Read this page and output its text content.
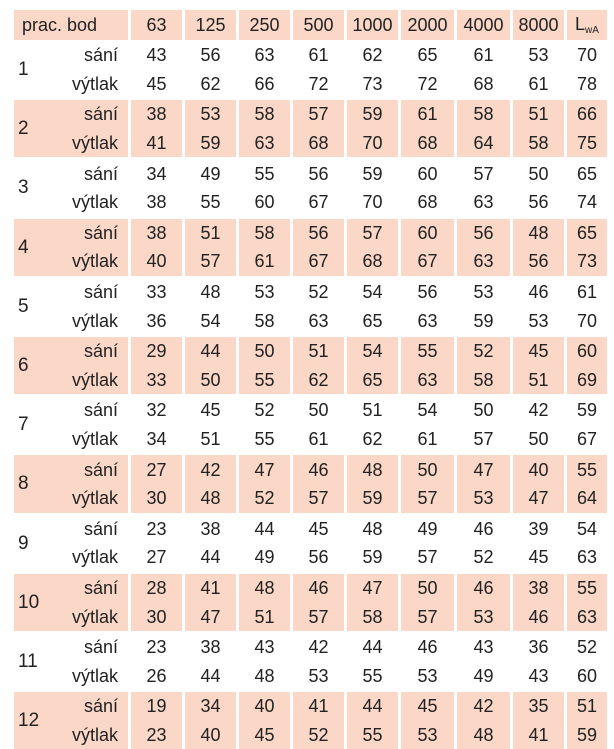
prac. bod		63	125	250	500	1000	2000	4000	8000	$L_{wA}$
1	sání	43	56	63	61	62	65	61	53	70
	výtlak	45	62	66	72	73	72	68	61	78
2	sání	38	53	58	57	59	61	58	51	66
	výtlak	41	59	63	68	70	68	64	58	75
3	sání	34	49	55	56	59	60	57	50	65
	výtlak	38	55	60	67	70	68	63	56	74
4	sání	38	51	58	56	57	60	56	48	65
	výtlak	40	57	61	67	68	67	63	56	73
5	sání	33	48	53	52	54	56	53	46	61
	výtlak	36	54	58	63	65	63	59	53	70
6	sání	29	44	50	51	54	55	52	45	60
	výtlak	33	50	55	62	65	63	58	51	69
7	sání	32	45	52	50	51	54	50	42	59
	výtlak	34	51	55	61	62	61	57	50	67
8	sání	27	42	47	46	48	50	47	40	55
	výtlak	30	48	52	57	59	57	53	47	64
9	sání	23	38	44	45	48	49	46	39	54
	výtlak	27	44	49	56	59	57	52	45	63
10	sání	28	41	48	46	47	50	46	38	55
	výtlak	30	47	51	57	58	57	53	46	63
11	sání	23	38	43	42	44	46	43	36	52
	výtlak	26	44	48	53	55	53	49	43	60
12	sání	19	34	40	41	44	45	42	35	51
	výtlak	23	40	45	52	55	53	48	41	59
